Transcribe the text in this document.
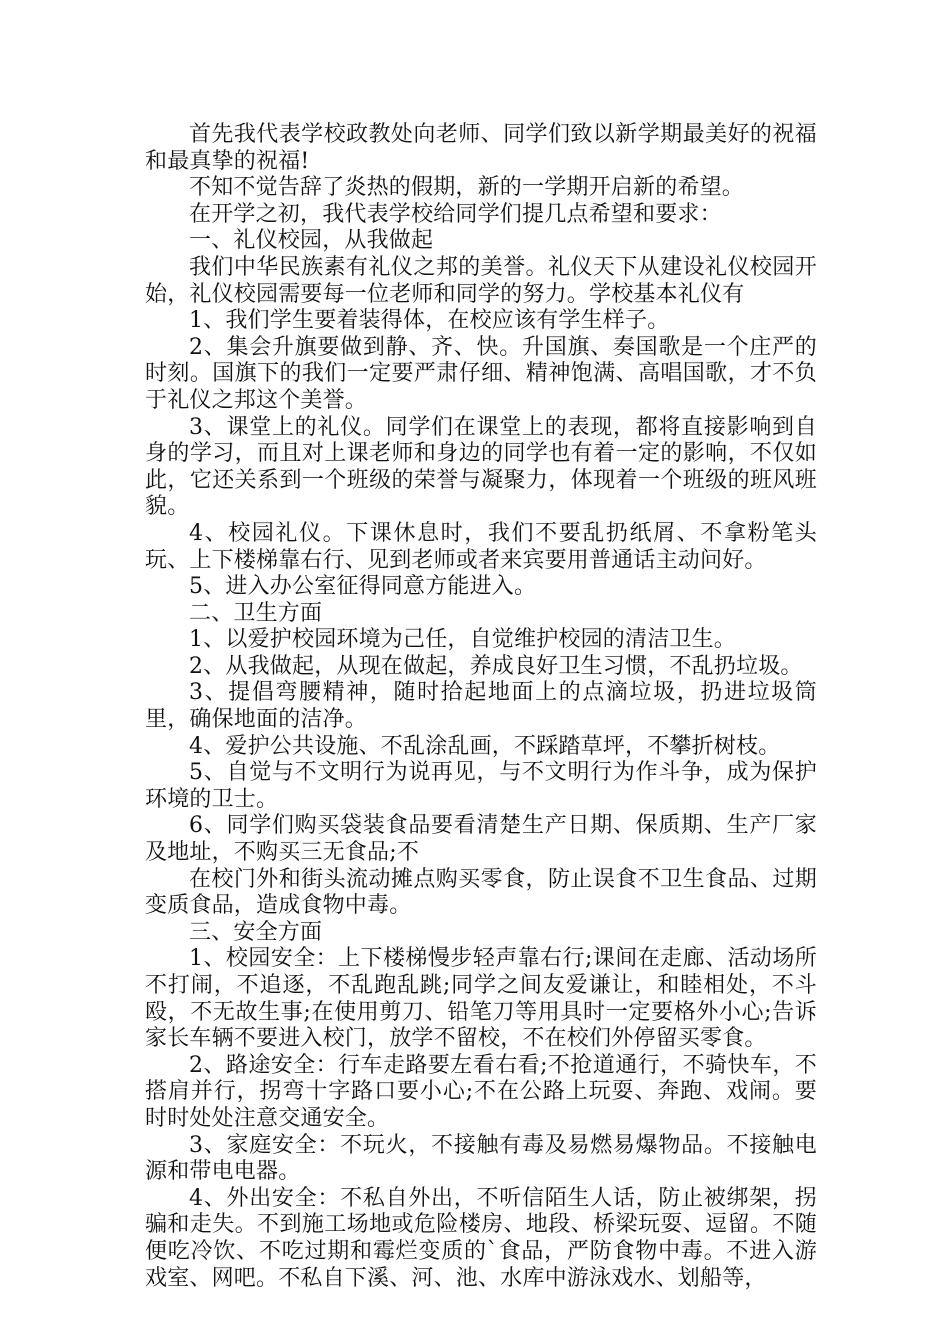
首先我代表学校政教处向老师、同学们致以新学期最美好的祝福和最真挚的祝福!

不知不觉告辞了炎热的假期，新的一学期开启新的希望。

在开学之初，我代表学校给同学们提几点希望和要求：

一、礼仪校园，从我做起

我们中华民族素有礼仪之邦的美誉。礼仪天下从建设礼仪校园开始，礼仪校园需要每一位老师和同学的努力。学校基本礼仪有

1、我们学生要着装得体，在校应该有学生样子。

2、集会升旗要做到静、齐、快。升国旗、奏国歌是一个庄严的时刻。国旗下的我们一定要严肃仔细、精神饱满、高唱国歌，才不负于礼仪之邦这个美誉。

3、课堂上的礼仪。同学们在课堂上的表现，都将直接影响到自身的学习，而且对上课老师和身边的同学也有着一定的影响，不仅如此，它还关系到一个班级的荣誉与凝聚力，体现着一个班级的班风班貌。

4、校园礼仪。下课休息时，我们不要乱扔纸屑、不拿粉笔头玩、上下楼梯靠右行、见到老师或者来宾要用普通话主动问好。

5、进入办公室征得同意方能进入。

二、卫生方面

1、以爱护校园环境为己任，自觉维护校园的清洁卫生。

2、从我做起，从现在做起，养成良好卫生习惯，不乱扔垃圾。

3、提倡弯腰精神，随时拾起地面上的点滴垃圾，扔进垃圾筒里，确保地面的洁净。

4、爱护公共设施、不乱涂乱画，不踩踏草坪，不攀折树枝。

5、自觉与不文明行为说再见，与不文明行为作斗争，成为保护环境的卫士。

6、同学们购买袋装食品要看清楚生产日期、保质期、生产厂家及地址，不购买三无食品;不

在校门外和街头流动摊点购买零食，防止误食不卫生食品、过期变质食品，造成食物中毒。

三、安全方面

1、校园安全：上下楼梯慢步轻声靠右行;课间在走廊、活动场所不打闹，不追逐，不乱跑乱跳;同学之间友爱谦让，和睦相处，不斗殴，不无故生事;在使用剪刀、铅笔刀等用具时一定要格外小心;告诉家长车辆不要进入校门，放学不留校，不在校们外停留买零食。

2、路途安全：行车走路要左看右看;不抢道通行，不骑快车，不搭肩并行，拐弯十字路口要小心;不在公路上玩耍、奔跑、戏闹。要时时处处注意交通安全。

3、家庭安全：不玩火，不接触有毒及易燃易爆物品。不接触电源和带电电器。

4、外出安全：不私自外出，不听信陌生人话，防止被绑架，拐骗和走失。不到施工场地或危险楼房、地段、桥梁玩耍、逗留。不随便吃冷饮、不吃过期和霉烂变质的`食品，严防食物中毒。不进入游戏室、网吧。不私自下溪、河、池、水库中游泳戏水、划船等，
